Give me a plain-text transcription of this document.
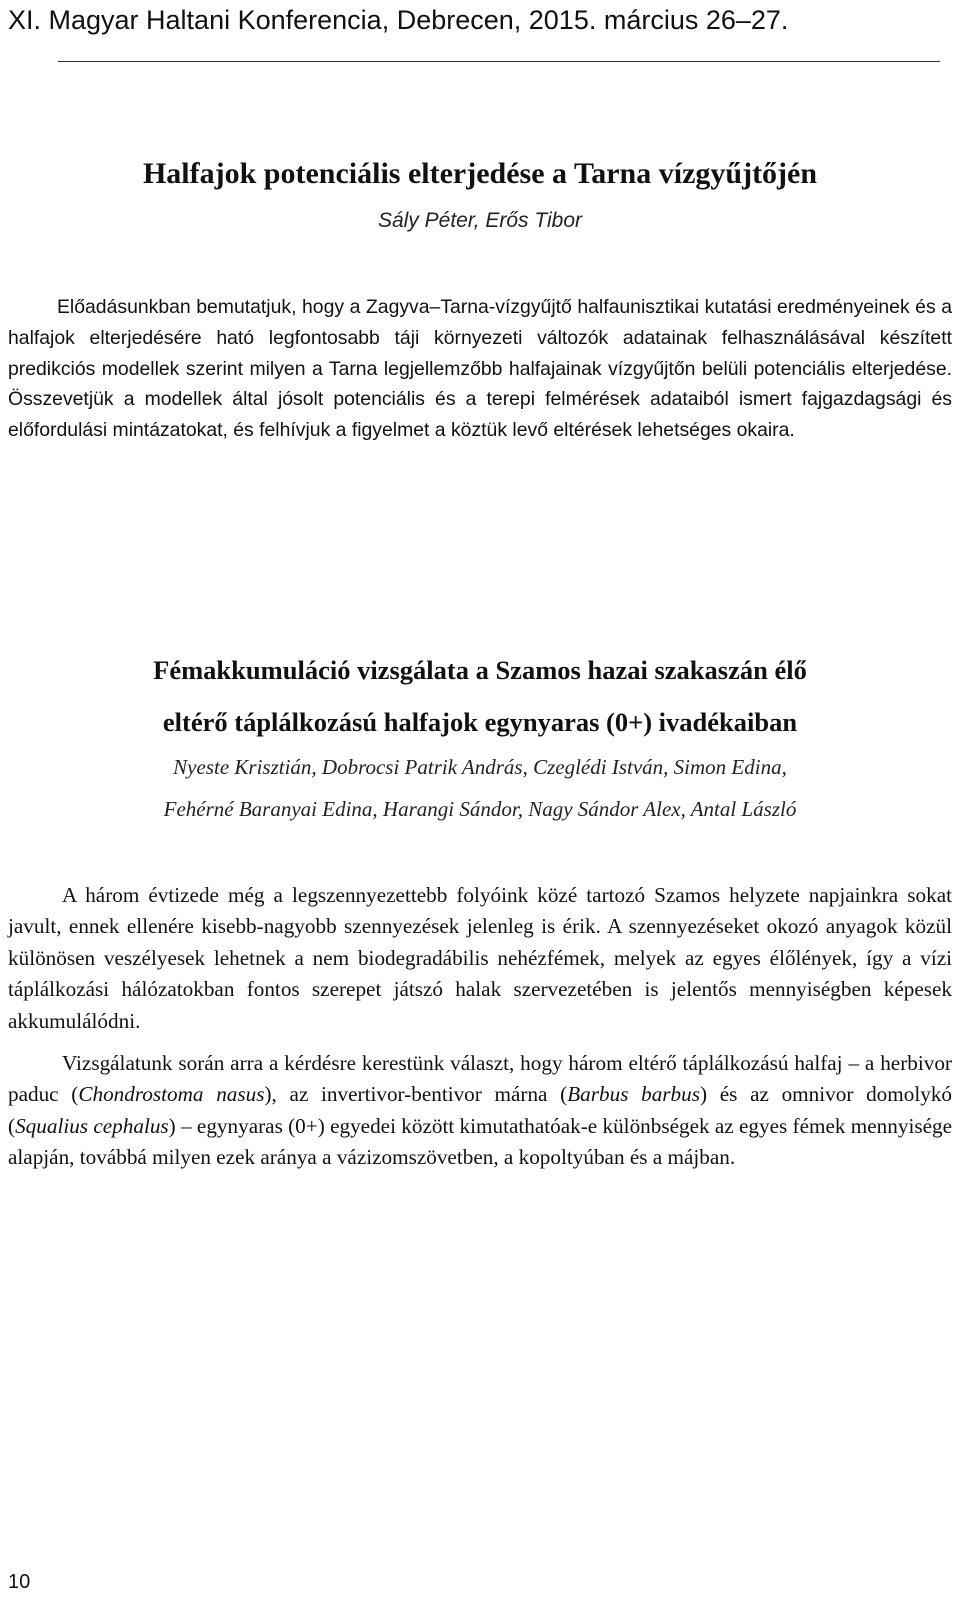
XI. Magyar Haltani Konferencia, Debrecen, 2015. március 26–27.
Halfajok potenciális elterjedése a Tarna vízgyűjtőjén
Sály Péter, Erős Tibor

Előadásunkban bemutatjuk, hogy a Zagyva–Tarna-vízgyűjtő halfaunisztikai kutatási eredményeinek és a halfajok elterjedésére ható legfontosabb táji környezeti változók adatainak felhasználásával készített predikciós modellek szerint milyen a Tarna legjellemzőbb halfajainak vízgyűjtőn belüli potenciális elterjedése. Összevetjük a modellek által jósolt potenciális és a terepi felmérések adataiból ismert fajgazdagsági és előfordulási mintázatokat, és felhívjuk a figyelmet a köztük levő eltérések lehetséges okaira.

Fémakkumuláció vizsgálata a Szamos hazai szakaszán élő
eltérő táplálkozású halfajok egynyaras (0+) ivadékaiban
Nyeste Krisztián, Dobrocsi Patrik András, Czeglédi István, Simon Edina,
Fehérné Baranyai Edina, Harangi Sándor, Nagy Sándor Alex, Antal László

A három évtizede még a legszennyezettebb folyóink közé tartozó Szamos helyzete napjainkra sokat javult, ennek ellenére kisebb-nagyobb szennyezések jelenleg is érik. A szennyezéseket okozó anyagok közül különösen veszélyesek lehetnek a nem biodegradábilis nehézfémek, melyek az egyes élőlények, így a vízi táplálkozási hálózatokban fontos szerepet játszó halak szervezetében is jelentős mennyiségben képesek akkumulálódni.

Vizsgálatunk során arra a kérdésre kerestünk választ, hogy három eltérő táplálkozású halfaj – a herbivor paduc (Chondrostoma nasus), az invertivor-bentivor márna (Barbus barbus) és az omnivor domolykó (Squalius cephalus) – egynyaras (0+) egyedei között kimutathatóak-e különbségek az egyes fémek mennyisége alapján, továbbá milyen ezek aránya a vázizomszövetben, a kopoltyúban és a májban.

10
